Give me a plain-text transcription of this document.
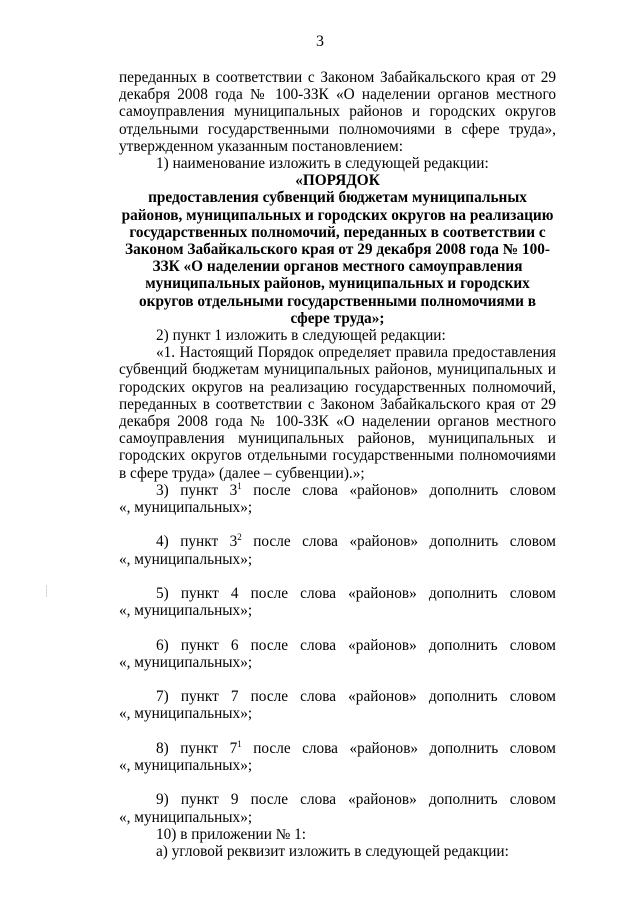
3

переданных в соответствии с Законом Забайкальского края от 29 декабря 2008 года № 100-ЗЗК «О наделении органов местного самоуправления муниципальных районов и городских округов отдельными государственными полномочиями в сфере труда», утвержденном указанным постановлением:

1) наименование изложить в следующей редакции:

«ПОРЯДОК
предоставления субвенций бюджетам муниципальных районов, муниципальных и городских округов на реализацию государственных полномочий, переданных в соответствии с Законом Забайкальского края от 29 декабря 2008 года № 100-ЗЗК «О наделении органов местного самоуправления муниципальных районов, муниципальных и городских округов отдельными государственными полномочиями в сфере труда»;

2) пункт 1 изложить в следующей редакции:

«1. Настоящий Порядок определяет правила предоставления субвенций бюджетам муниципальных районов, муниципальных и городских округов на реализацию государственных полномочий, переданных в соответствии с Законом Забайкальского края от 29 декабря 2008 года № 100-ЗЗК «О наделении органов местного самоуправления муниципальных районов, муниципальных и городских округов отдельными государственными полномочиями в сфере труда» (далее – субвенции).»;

3) пункт $3^1$ после слова «районов» дополнить словом

«, муниципальных»;

4) пункт $3^2$ после слова «районов» дополнить словом

«, муниципальных»;

5) пункт 4 после слова «районов» дополнить словом

«, муниципальных»;

6) пункт 6 после слова «районов» дополнить словом

«, муниципальных»;

7) пункт 7 после слова «районов» дополнить словом

«, муниципальных»;

8) пункт $7^1$ после слова «районов» дополнить словом

«, муниципальных»;

9) пункт 9 после слова «районов» дополнить словом

«, муниципальных»;

10) в приложении № 1:

а) угловой реквизит изложить в следующей редакции:
